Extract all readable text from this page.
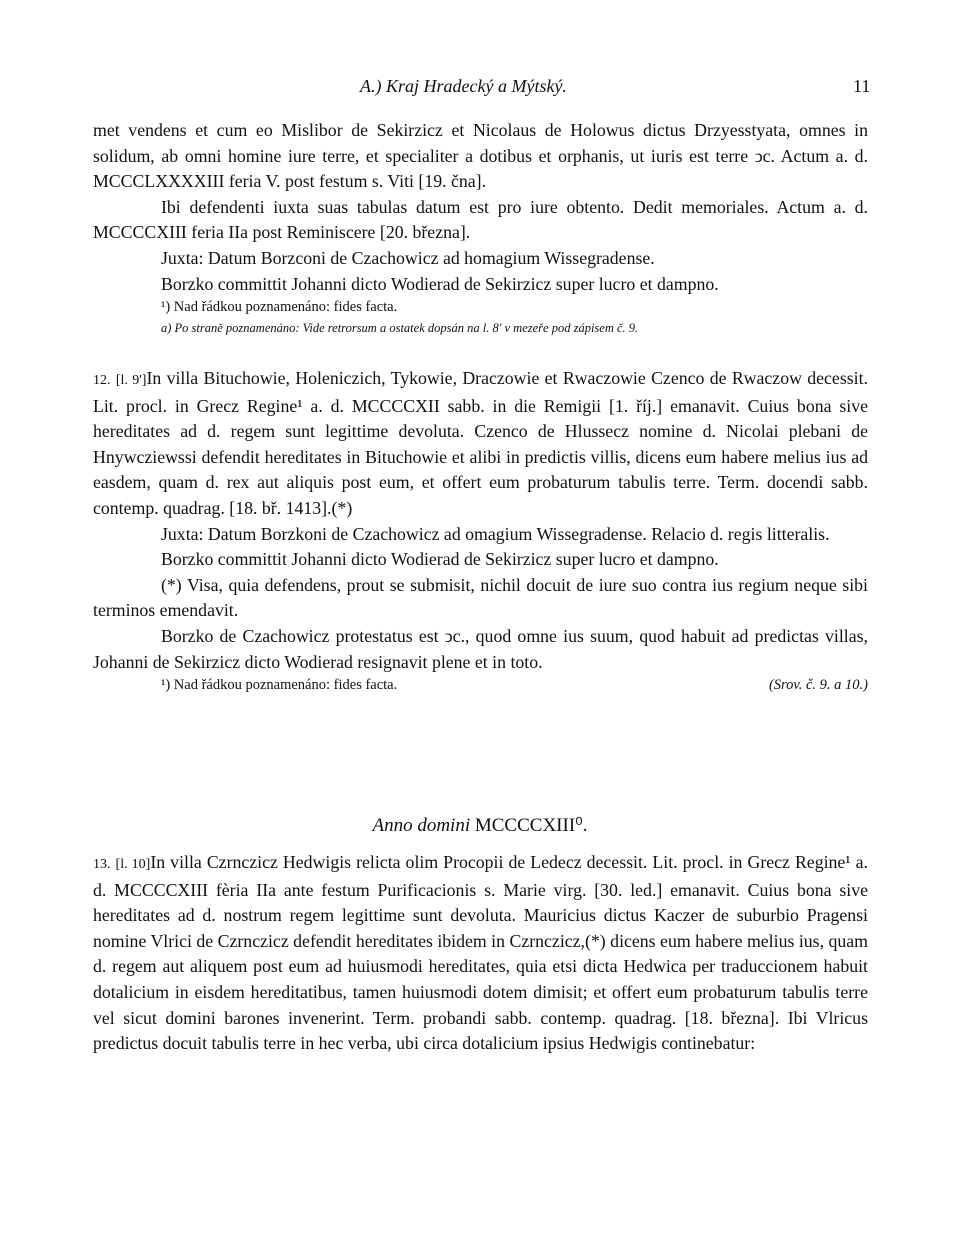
A.) Kraj Hradecký a Mýtský.	11

met vendens et cum eo Mislibor de Sekirzicz et Nicolaus de Holowus dictus Drzyesstyata, omnes in solidum, ab omni homine iure terre, et specialiter a dotibus et orphanis, ut iuris est terre ↄc. Actum a. d. MCCCLXXXXIII feria V. post festum s. Viti [19. čna].

Ibi defendenti iuxta suas tabulas datum est pro iure obtento. Dedit memoriales. Actum a. d. MCCCCXIII feria IIa post Reminiscere [20. března].

Juxta: Datum Borzconi de Czachowicz ad homagium Wissegradense.

Borzko committit Johanni dicto Wodierad de Sekirzicz super lucro et dampno.

¹) Nad řádkou poznamenáno: fides facta.

a) Po straně poznamenáno: Vide retrorsum a ostatek dopsán na l. 8' v mezeře pod zápisem č. 9.

12. [l. 9']In villa Bituchowie, Holeniczich, Tykowie, Draczowie et Rwaczowie Czenco de Rwaczow decessit. Lit. procl. in Grecz Regine¹ a. d. MCCCCXII sabb. in die Remigii [1. říj.] emanavit. Cuius bona sive hereditates ad d. regem sunt legittime devoluta. Czenco de Hlussecz nomine d. Nicolai plebani de Hnywcziewssi defendit hereditates in Bituchowie et alibi in predictis villis, dicens eum habere melius ius ad easdem, quam d. rex aut aliquis post eum, et offert eum probaturum tabulis terre. Term. docendi sabb. contemp. quadrag. [18. bř. 1413].(*)

Juxta: Datum Borzkoni de Czachowicz ad omagium Wissegradense. Relacio d. regis litteralis.

Borzko committit Johanni dicto Wodierad de Sekirzicz super lucro et dampno.

(*) Visa, quia defendens, prout se submisit, nichil docuit de iure suo contra ius regium neque sibi terminos emendavit.

Borzko de Czachowicz protestatus est ↄc., quod omne ius suum, quod habuit ad predictas villas, Johanni de Sekirzicz dicto Wodierad resignavit plene et in toto.

¹) Nad řádkou poznamenáno: fides facta.	(Srov. č. 9. a 10.)

Anno domini MCCCCXIII⁰.

13. [l. 10]In villa Czrnczicz Hedwigis relicta olim Procopii de Ledecz decessit. Lit. procl. in Grecz Regine¹ a. d. MCCCCXIII fèria IIa ante festum Purificacionis s. Marie virg. [30. led.] emanavit. Cuius bona sive hereditates ad d. nostrum regem legittime sunt devoluta. Mauricius dictus Kaczer de suburbio Pragensi nomine Vlrici de Czrnczicz defendit hereditates ibidem in Czrnczicz,(*) dicens eum habere melius ius, quam d. regem aut aliquem post eum ad huiusmodi hereditates, quia etsi dicta Hedwica per traduccionem habuit dotalicium in eisdem hereditatibus, tamen huiusmodi dotem dimisit; et offert eum probaturum tabulis terre vel sicut domini barones invenerint. Term. probandi sabb. contemp. quadrag. [18. března]. Ibi Vlricus predictus docuit tabulis terre in hec verba, ubi circa dotalicium ipsius Hedwigis continebatur:
